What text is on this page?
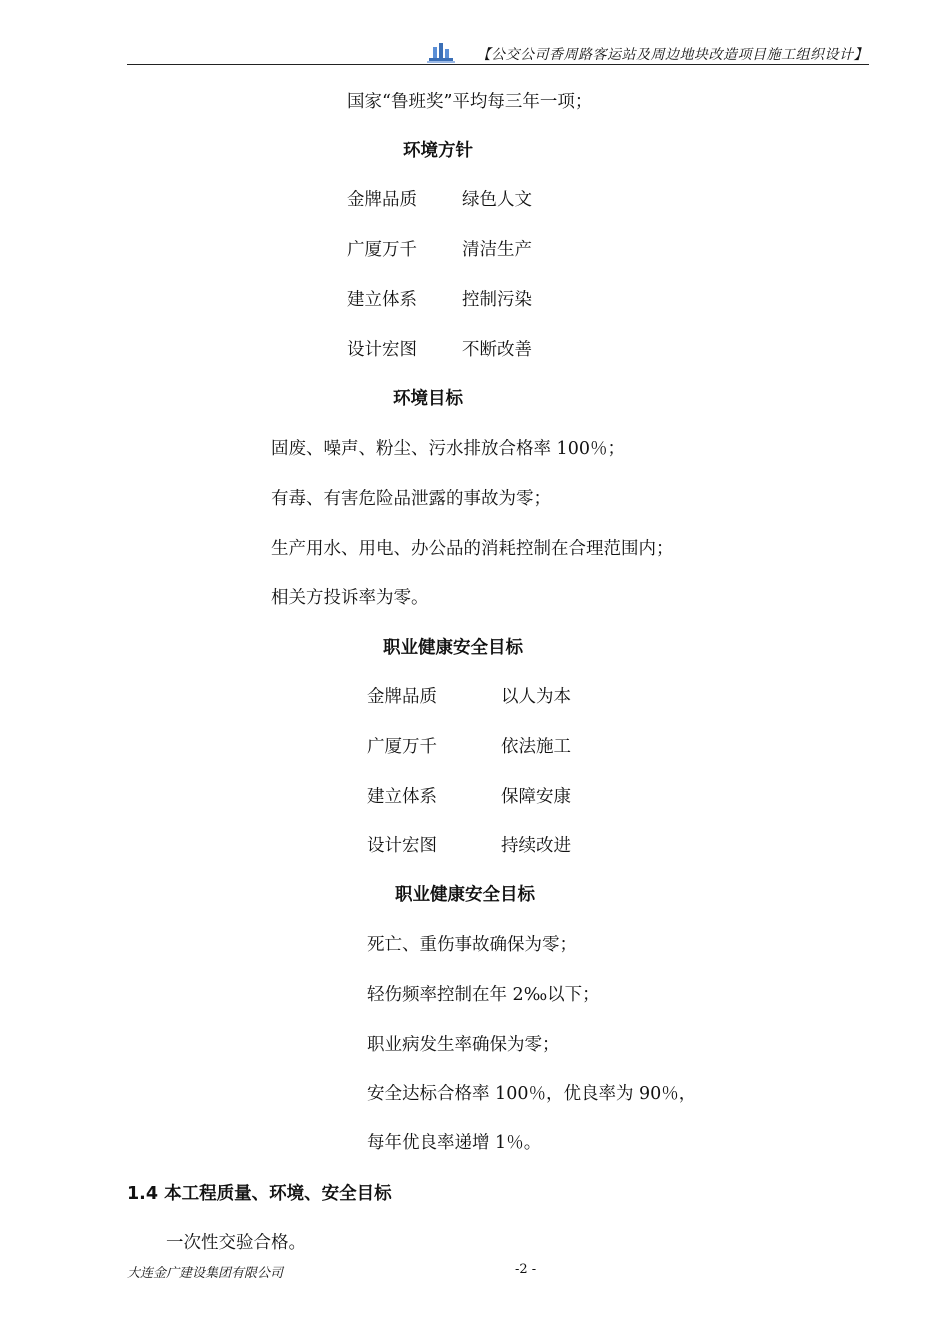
【公交公司香周路客运站及周边地块改造项目施工组织设计】
国家“鲁班奖”平均每三年一项；
环境方针
金牌品质	绿色人文
广厦万千	清洁生产
建立体系	控制污染
设计宏图	不断改善
环境目标
固废、噪声、粉尘、污水排放合格率 100％；
有毒、有害危险品泄露的事故为零；
生产用水、用电、办公品的消耗控制在合理范围内；
相关方投诉率为零。
职业健康安全目标
金牌品质	以人为本
广厦万千	依法施工
建立体系	保障安康
设计宏图	持续改进
职业健康安全目标
死亡、重伤事故确保为零；
轻伤频率控制在年 2‰以下；
职业病发生率确保为零；
安全达标合格率 100％，优良率为 90％，
每年优良率递增 1％。
1.4 本工程质量、环境、安全目标
一次性交验合格。
大连金广建设集团有限公司	-2 -
